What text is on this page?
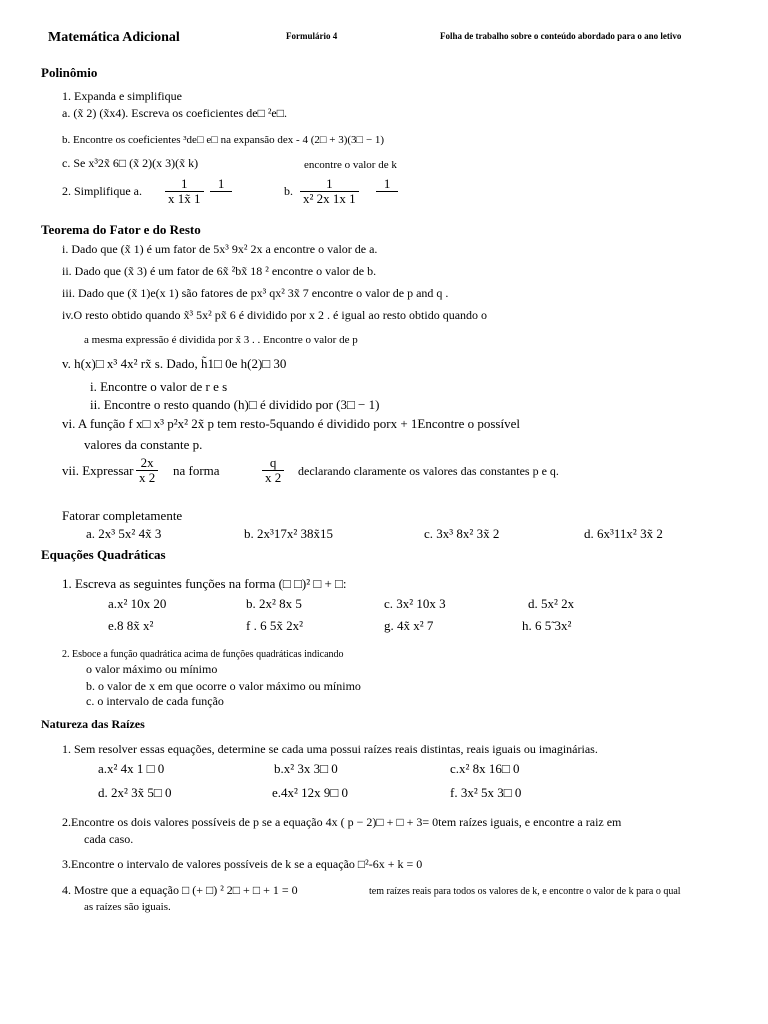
Matemática Adicional	Formulário 4	Folha de trabalho sobre o conteúdo abordado para o ano letivo
Polinômio
1. Expanda e simplifique
a. (x̃ 2) (x̃x4). Escreva os coeficientes de□ ²e□.
b. Encontre os coeficientes ³de□ e□ na expansão dex - 4 (2□ + 3)(3□ − 1)
c. Se x³2x̃ 6□ (x̃ 2)(x 3)(x̃ k)	encontre o valor de k
2. Simplifique a. $\frac{1}{x 1x̃ 1} 1$
	b. $\frac{1}{\text{x² 2x 1x 1}} 1$

Teorema do Fator e do Resto
i. Dado que (x̃ 1) é um fator de 5x³ 9x² 2x a encontre o valor de a.
ii. Dado que (x̃ 3) é um fator de 6x̃ ²bx̃ 18 ² encontre o valor de b.
iii. Dado que (x̃ 1)e(x 1) são fatores de px³ qx² 3x̃ 7 encontre o valor de p and q .
iv.O resto obtido quando x̃³ 5x² px̃ 6 é dividido por x 2 . é igual ao resto obtido quando o
a mesma expressão é dividida por x̃ 3 . . Encontre o valor de p
v. h(x)□ x³ 4x² rx̃ s. Dado, h̃1□ 0e h(2)□ 30
i. Encontre o valor de r e s
ii. Encontre o resto quando (h)□ é dividido por (3□ − 1)
vi. A função f x□ x³ p²x² 2x̃ p tem resto-5quando é dividido porx + 1Encontre o possível
valores da constante p.
vii. Expressar $\frac{2x}{x 2}$ na forma	$\frac{q}{x 2}$ declarando claramente os valores das constantes p e q.
Fatorar completamente
a. 2x³ 5x² 4x̃ 3	b. 2x³17x² 38x̃15	c. 3x³ 8x² 3x̃ 2	d. 6x³11x² 3x̃ 2
Equações Quadráticas
1. Escreva as seguintes funções na forma (□ □)² □ + □:
a.x² 10x 20	b. 2x² 8x 5	c. 3x² 10x 3	d. 5x² 2x
e.8 8x̃ x²	f . 6 5x̃ 2x²	g. 4x̃ x² 7	h. 6 5̃ 3x²
2. Esboce a função quadrática acima de funções quadráticas indicando
o valor máximo ou mínimo
b. o valor de x em que ocorre o valor máximo ou mínimo
c. o intervalo de cada função
Natureza das Raízes
1. Sem resolver essas equações, determine se cada uma possui raízes reais distintas, reais iguais ou imaginárias.
a.x² 4x 1 □ 0	b.x² 3x 3□ 0	c.x² 8x 16□ 0
d. 2x² 3x̃ 5□ 0	e.4x² 12x 9□ 0	f. 3x² 5x 3□ 0
2.Encontre os dois valores possíveis de p se a equação 4x ( p − 2)□ + □ + 3= 0tem raízes iguais, e encontre a raiz em
cada caso.
3.Encontre o intervalo de valores possíveis de k se a equação □²-6x + k = 0
4. Mostre que a equação □ (+ □) ² 2□ + □ + 1 = 0	tem raízes reais para todos os valores de k, e encontre o valor de k para o qual
as raízes são iguais.
